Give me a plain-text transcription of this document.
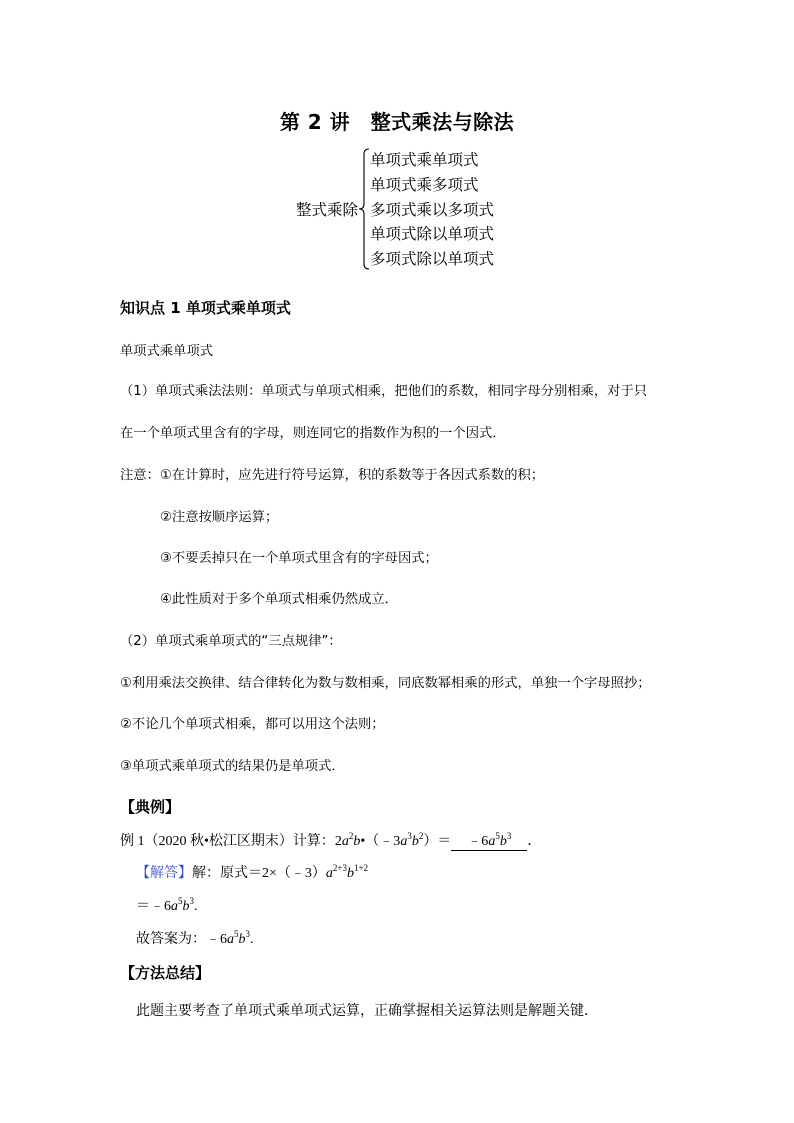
第 2 讲　整式乘法与除法
整式乘除
单项式乘单项式
单项式乘多项式
多项式乘以多项式
单项式除以单项式
多项式除以单项式
知识点 1 单项式乘单项式
单项式乘单项式
（1）单项式乘法法则：单项式与单项式相乘，把他们的系数，相同字母分别相乘，对于只
在一个单项式里含有的字母，则连同它的指数作为积的一个因式．
注意：①在计算时，应先进行符号运算，积的系数等于各因式系数的积；
②注意按顺序运算；
③不要丢掉只在一个单项式里含有的字母因式；
④此性质对于多个单项式相乘仍然成立．
（2）单项式乘单项式的“三点规律”：
①利用乘法交换律、结合律转化为数与数相乘，同底数幂相乘的形式，单独一个字母照抄；
②不论几个单项式相乘，都可以用这个法则；
③单项式乘单项式的结果仍是单项式．
【典例】
例 1（2020 秋•松江区期末）计算：$2a^2b•(﹣3a^3b^2)=$ $﹣6a^5b^3$ ．
【解答】解：原式$=2\times(﹣3)a^{2+3}b^{1+2}$
$=﹣6a^5b^3$.
故答案为：$﹣6a^5b^3$.
【方法总结】
此题主要考查了单项式乘单项式运算，正确掌握相关运算法则是解题关键．
